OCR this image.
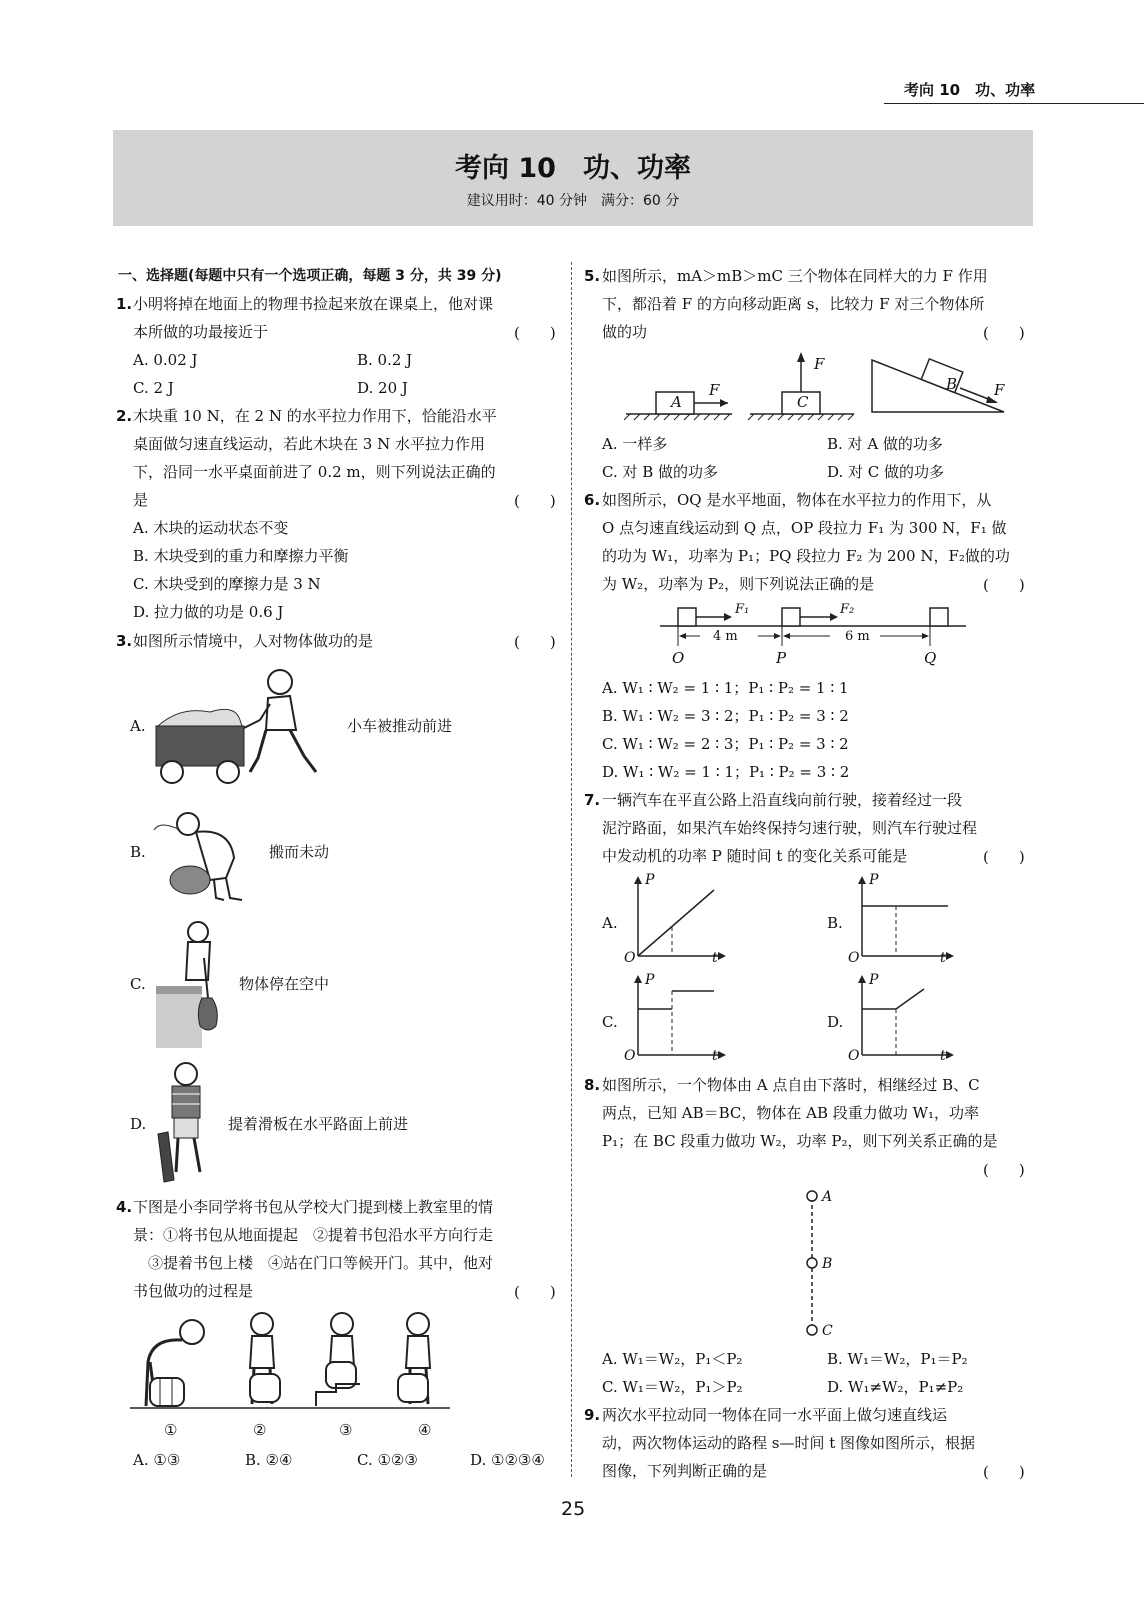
考向 10　功、功率
考向 10　功、功率
建议用时：40 分钟　满分：60 分
一、选择题(每题中只有一个选项正确，每题 3 分，共 39 分)
1. 小明将掉在地面上的物理书捡起来放在课桌上，他对课
本所做的功最接近于	(　　)
A. 0.02 J	B. 0.2 J
C. 2 J	D. 20 J
2. 木块重 10 N，在 2 N 的水平拉力作用下，恰能沿水平
桌面做匀速直线运动，若此木块在 3 N 水平拉力作用
下，沿同一水平桌面前进了 0.2 m，则下列说法正确的
是	(　　)
A. 木块的运动状态不变
B. 木块受到的重力和摩擦力平衡
C. 木块受到的摩擦力是 3 N
D. 拉力做的功是 0.6 J
3. 如图所示情境中，人对物体做功的是	(　　)
A.	小车被推动前进
B.	搬而未动
C.	物体停在空中
D.	提着滑板在水平路面上前进
4. 下图是小李同学将书包从学校大门提到楼上教室里的情
景：①将书包从地面提起　②提着书包沿水平方向行走
③提着书包上楼　④站在门口等候开门。其中，他对
书包做功的过程是	(　　)
①	②	③	④
A. ①③	B. ②④	C. ①②③	D. ①②③④
5. 如图所示，mA＞mB＞mC 三个物体在同样大的力 F 作用
下，都沿着 F 的方向移动距离 s，比较力 F 对三个物体所
做的功	(　　)
A
F
C
F
B F
A. 一样多	B. 对 A 做的功多
C. 对 B 做的功多	D. 对 C 做的功多
6. 如图所示，OQ 是水平地面，物体在水平拉力的作用下，从
O 点匀速直线运动到 Q 点，OP 段拉力 F₁ 为 300 N，F₁ 做
的功为 W₁，功率为 P₁；PQ 段拉力 F₂ 为 200 N，F₂做的功
为 W₂，功率为 P₂，则下列说法正确的是	(　　)
F₁	F₂
4 m	6 m
O	P	Q
A. W₁ ∶ W₂ = 1 ∶ 1；P₁ ∶ P₂ = 1 ∶ 1
B. W₁ ∶ W₂ = 3 ∶ 2；P₁ ∶ P₂ = 3 ∶ 2
C. W₁ ∶ W₂ = 2 ∶ 3；P₁ ∶ P₂ = 3 ∶ 2
D. W₁ ∶ W₂ = 1 ∶ 1；P₁ ∶ P₂ = 3 ∶ 2
7. 一辆汽车在平直公路上沿直线向前行驶，接着经过一段
泥泞路面，如果汽车始终保持匀速行驶，则汽车行驶过程
中发动机的功率 P 随时间 t 的变化关系可能是	(　　)
A.	B.
C.	D.
P
O	t
P
O	t
P
O	t
P
O	t
8. 如图所示，一个物体由 A 点自由下落时，相继经过 B、C
两点，已知 AB＝BC，物体在 AB 段重力做功 W₁，功率
P₁；在 BC 段重力做功 W₂，功率 P₂，则下列关系正确的是
(　　)
A
B
C
A. W₁＝W₂，P₁＜P₂	B. W₁＝W₂，P₁＝P₂
C. W₁＝W₂，P₁＞P₂	D. W₁≠W₂，P₁≠P₂
9. 两次水平拉动同一物体在同一水平面上做匀速直线运
动，两次物体运动的路程 s—时间 t 图像如图所示，根据
图像，下列判断正确的是	(　　)
25
